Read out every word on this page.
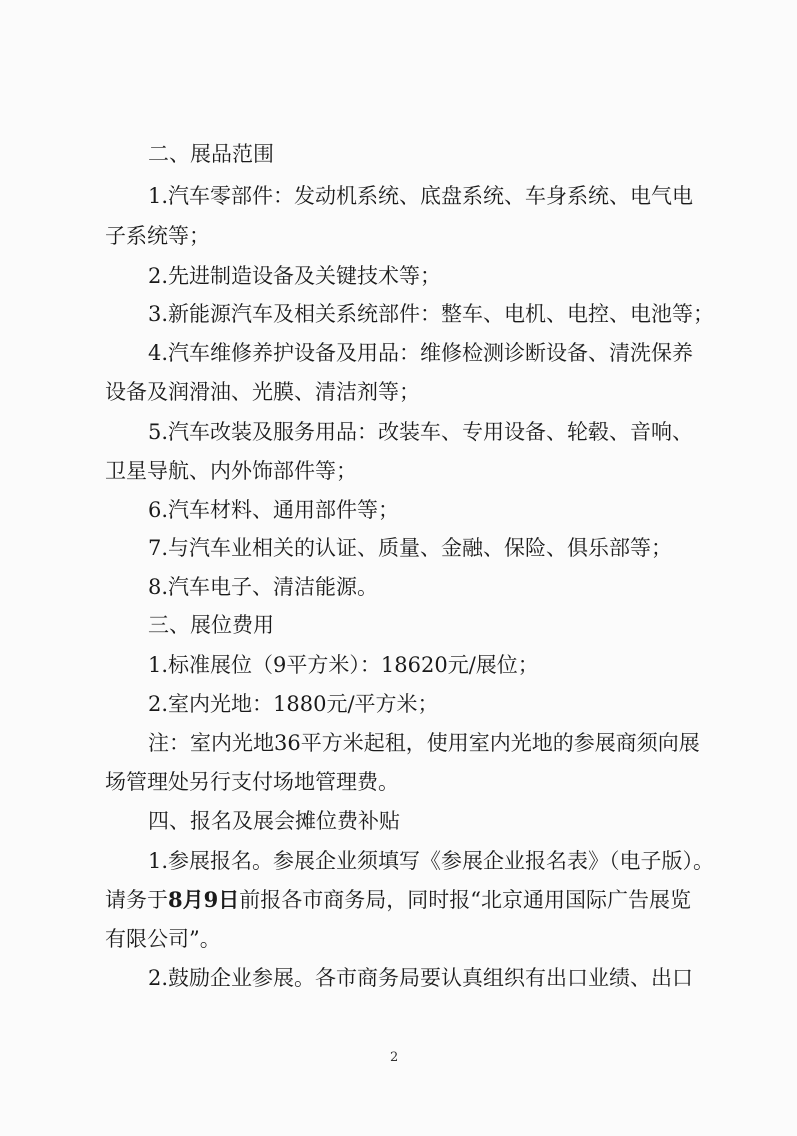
二、展品范围
1.汽车零部件：发动机系统、底盘系统、车身系统、电气电
子系统等；
2.先进制造设备及关键技术等；
3.新能源汽车及相关系统部件：整车、电机、电控、电池等；
4.汽车维修养护设备及用品：维修检测诊断设备、清洗保养
设备及润滑油、光膜、清洁剂等；
5.汽车改装及服务用品：改装车、专用设备、轮毂、音响、
卫星导航、内外饰部件等；
6.汽车材料、通用部件等；
7.与汽车业相关的认证、质量、金融、保险、俱乐部等；
8.汽车电子、清洁能源。
三、展位费用
1.标准展位（9平方米）：18620元/展位；
2.室内光地：1880元/平方米；
注：室内光地36平方米起租，使用室内光地的参展商须向展
场管理处另行支付场地管理费。
四、报名及展会摊位费补贴
1.参展报名。参展企业须填写《参展企业报名表》（电子版）。
请务于8月9日前报各市商务局，同时报“北京通用国际广告展览
有限公司”。
2.鼓励企业参展。各市商务局要认真组织有出口业绩、出口
2
